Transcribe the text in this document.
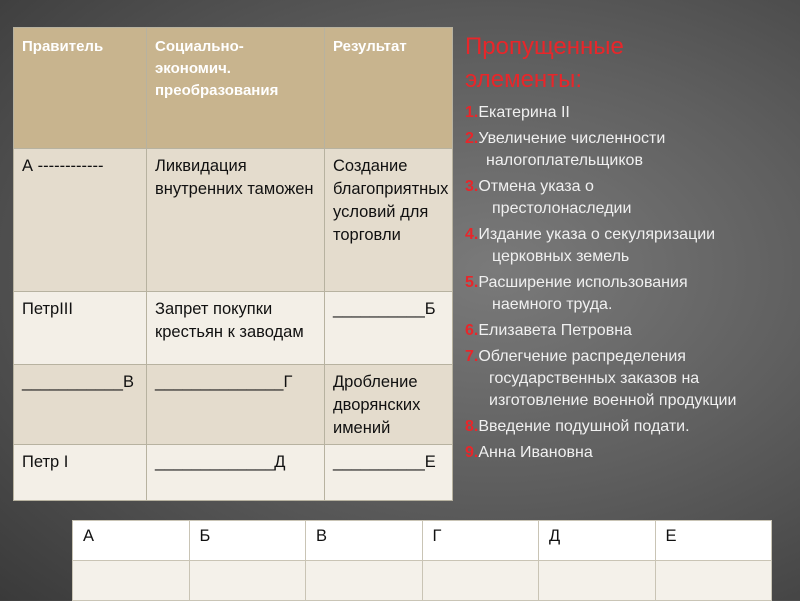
Правитель	Социально-экономич. преобразования	Результат
А ------------	Ликвидация внутренних таможен	Создание благоприятных условий для торговли
ПетрIII	Запрет покупки крестьян к заводам	__________Б
___________В	______________Г	Дробление дворянских имений
Петр I	_____________Д	__________Е
Пропущенные
элементы:
1.Екатерина II
2.Увеличение численности
налогоплательщиков
3.Отмена указа о
престолонаследии
4.Издание указа о секуляризации
церковных земель
5.Расширение использования
наемного труда.
6.Елизавета Петровна
7.Облегчение распределения
государственных заказов на изготовление военной продукции
8.Введение подушной подати.
9.Анна Ивановна
А	Б	В	Г	Д	Е
